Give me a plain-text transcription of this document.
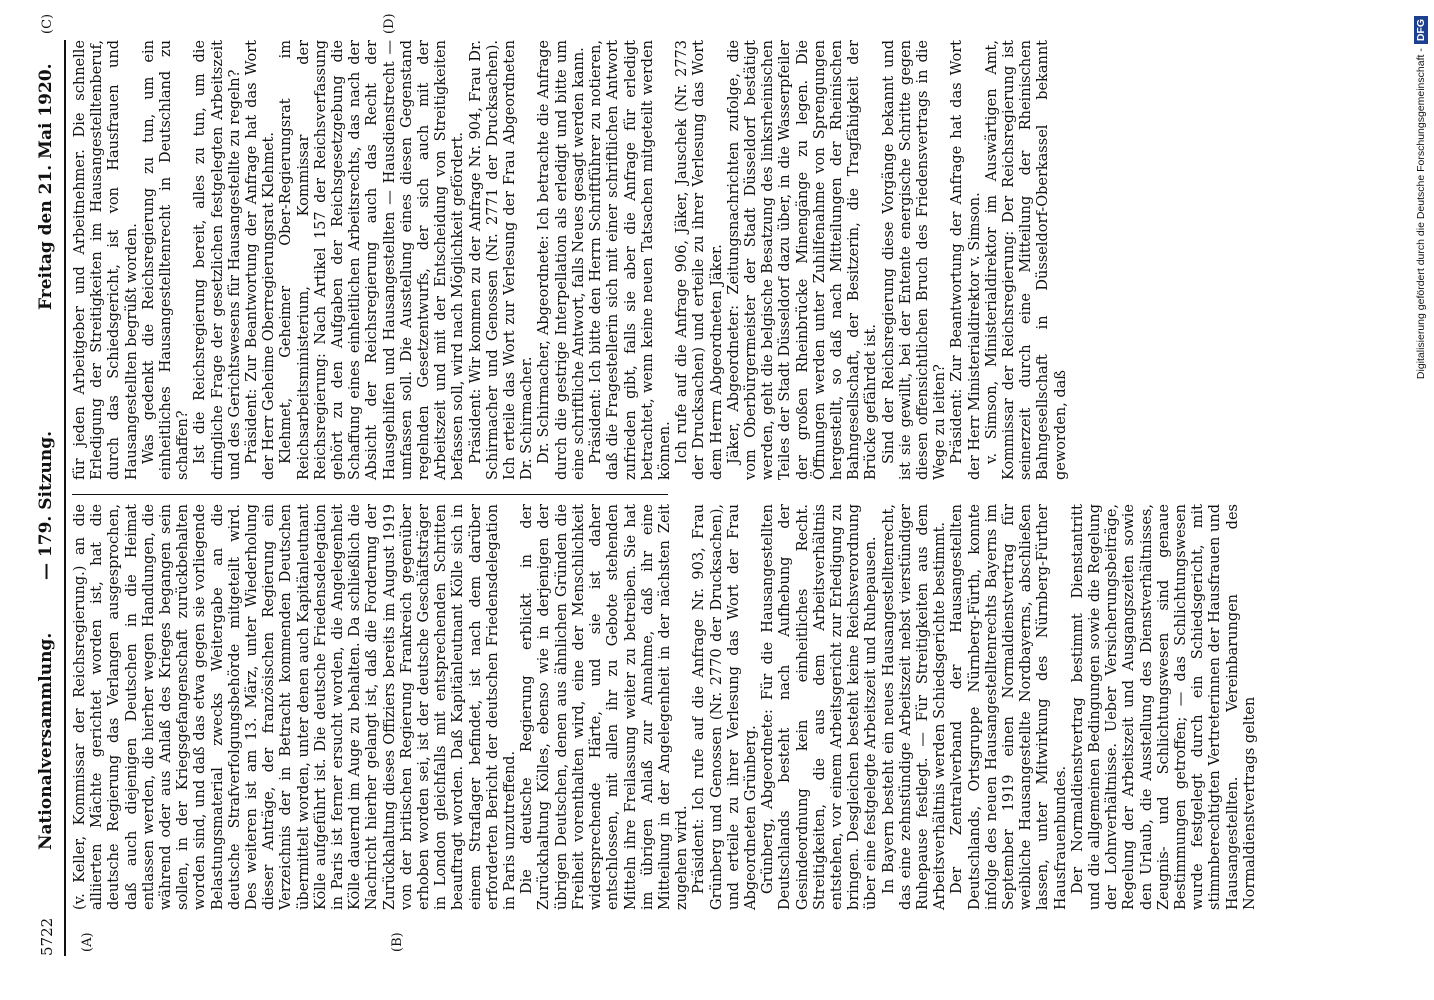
5722
Nationalversammlung.
— 179. Sitzung.
Freitag den 21. Mai 1920.
(A)	(B)
(C)	(D)

(v. Keller, Kommissar der Reichsregierung.) an die alliierten Mächte gerichtet worden ist, hat die deutsche Regierung das Verlangen ausgesprochen, daß auch diejenigen Deutschen in die Heimat entlassen werden, die hierher wegen Handlungen, die während oder aus Anlaß des Krieges begangen sein sollen, in der Kriegsgefangenschaft zurückbehalten worden sind, und daß das etwa gegen sie vorliegende Belastungsmaterial zwecks Weitergabe an die deutsche Strafverfolgungsbehörde mitgeteilt wird. Des weiteren ist am 13. März, unter Wiederholung dieser Anträge, der französischen Regierung ein Verzeichnis der in Betracht kommenden Deutschen übermittelt worden, unter denen auch Kapitänleutnant Kölle aufgeführt ist. Die deutsche Friedensdelegation in Paris ist ferner ersucht worden, die Angelegenheit Kölle dauernd im Auge zu behalten. Da schließlich die Nachricht hierher gelangt ist, daß die Forderung der Zurückhaltung dieses Offiziers bereits im August 1919 von der britischen Regierung Frankreich gegenüber erhoben worden sei, ist der deutsche Geschäftsträger in London gleichfalls mit entsprechenden Schritten beauftragt worden. Daß Kapitänleutnant Kölle sich in einem Straflager befindet, ist nach dem darüber erforderten Bericht der deutschen Friedensdelegation in Paris unzutreffend. Die deutsche Regierung erblickt in der Zurückhaltung Kölles, ebenso wie in derjenigen der übrigen Deutschen, denen aus ähnlichen Gründen die Freiheit vorenthalten wird, eine der Menschlichkeit widersprechende Härte, und sie ist daher entschlossen, mit allen ihr zu Gebote stehenden Mitteln ihre Freilassung weiter zu betreiben. Sie hat im übrigen Anlaß zur Annahme, daß ihr eine Mitteilung in der Angelegenheit in der nächsten Zeit zugehen wird. Präsident: Ich rufe auf die Anfrage Nr. 903, Frau Grünberg und Genossen (Nr. 2770 der Drucksachen), und erteile zu ihrer Verlesung das Wort der Frau Abgeordneten Grünberg. Grünberg, Abgeordnete: Für die Hausangestellten Deutschlands besteht nach Aufhebung der Gesindeordnung kein einheitliches Recht. Streitigkeiten, die aus dem Arbeitsverhältnis entstehen, vor einem Arbeitsgericht zur Erledigung zu bringen. Desgleichen besteht keine Reichsverordnung über eine festgelegte Arbeitszeit und Ruhepausen. In Bayern besteht ein neues Hausangestelltenrecht, das eine zehnstündige Arbeitszeit nebst vierstündiger Ruhepause festlegt. — Für Streitigkeiten aus dem Arbeitsverhältnis werden Schiedsgerichte bestimmt. Der Zentralverband der Hausangestellten Deutschlands, Ortsgruppe Nürnberg-Fürth, konnte infolge des neuen Hausangestelltenrechts Bayerns im September 1919 einen Normaldienstvertrag für weibliche Hausangestellte Nordbayerns, abschließen lassen, unter Mitwirkung des Nürnberg-Fürther Hausfrauenbundes. Der Normaldienstvertrag bestimmt Dienstantritt und die allgemeinen Bedingungen sowie die Regelung der Lohnverhältnisse. Ueber Versicherungsbeiträge, Regelung der Arbeitszeit und Ausgangszeiten sowie den Urlaub, die Ausstellung des Dienstverhältnisses, Zeugnis- und Schlichtungswesen sind genaue Bestimmungen getroffen; — das Schlichtungswesen wurde festgelegt durch ein Schiedsgericht, mit stimmberechtigten Vertreterinnen der Hausfrauen und Hausangestellten. Vereinbarungen des Normaldienstvertrags gelten

für jeden Arbeitgeber und Arbeitnehmer. Die schnelle Erledigung der Streitigkeiten im Hausangestelltenberuf, durch das Schiedsgericht, ist von Hausfrauen und Hausangestellten begrüßt worden. Was gedenkt die Reichsregierung zu tun, um ein einheitliches Hausangestelltenrecht in Deutschland zu schaffen? Ist die Reichsregierung bereit, alles zu tun, um die dringliche Frage der gesetzlichen festgelegten Arbeitszeit und des Gerichtswesens für Hausangestellte zu regeln? Präsident: Zur Beantwortung der Anfrage hat das Wort der Herr Geheime Oberregierungsrat Klehmet. Klehmet, Geheimer Ober-Regierungsrat im Reichsarbeitsministerium, Kommissar der Reichsregierung: Nach Artikel 157 der Reichsverfassung gehört zu den Aufgaben der Reichsgesetzgebung die Schaffung eines einheitlichen Arbeitsrechts, das nach der Absicht der Reichsregierung auch das Recht der Hausgehilfen und Hausangestellten — Hausdienstrecht — umfassen soll. Die Ausstellung eines diesen Gegenstand regelnden Gesetzentwurfs, der sich auch mit der Arbeitszeit und mit der Entscheidung von Streitigkeiten befassen soll, wird nach Möglichkeit gefördert. Präsident: Wir kommen zu der Anfrage Nr. 904, Frau Dr. Schirmacher und Genossen (Nr. 2771 der Drucksachen). Ich erteile das Wort zur Verlesung der Frau Abgeordneten Dr. Schirmacher. Dr. Schirmacher, Abgeordnete: Ich betrachte die Anfrage durch die gestrige Interpellation als erledigt und bitte um eine schriftliche Antwort, falls Neues gesagt werden kann. Präsident: Ich bitte den Herrn Schriftführer zu notieren, daß die Fragestellerin sich mit einer schriftlichen Antwort zufrieden gibt, falls sie aber die Anfrage für erledigt betrachtet, wenn keine neuen Tatsachen mitgeteilt werden können. Ich rufe auf die Anfrage 906, Jäker, Jauschek (Nr. 2773 der Drucksachen) und erteile zu ihrer Verlesung das Wort dem Herrn Abgeordneten Jäker. Jäker, Abgeordneter: Zeitungsnachrichten zufolge, die vom Oberbürgermeister der Stadt Düsseldorf bestätigt werden, geht die belgische Besatzung des linksrheinischen Teiles der Stadt Düsseldorf dazu über, in die Wasserpfeiler der großen Rheinbrücke Minengänge zu legen. Die Öffnungen werden unter Zuhilfenahme von Sprengungen hergestellt, so daß nach Mitteilungen der Rheinischen Bahngesellschaft, der Besitzerin, die Tragfähigkeit der Brücke gefährdet ist. Sind der Reichsregierung diese Vorgänge bekannt und ist sie gewillt, bei der Entente energische Schritte gegen diesen offensichtlichen Bruch des Friedensvertrags in die Wege zu leiten? Präsident: Zur Beantwortung der Anfrage hat das Wort der Herr Ministerialdirektor v. Simson. v. Simson, Ministerialdirektor im Auswärtigen Amt, Kommissar der Reichsregierung: Der Reichsregierung ist seinerzeit durch eine Mitteilung der Rheinischen Bahngesellschaft in Düsseldorf-Oberkassel bekannt geworden, daß

Digitalisierung gefördert durch die Deutsche Forschungsgemeinschaft -DFG
